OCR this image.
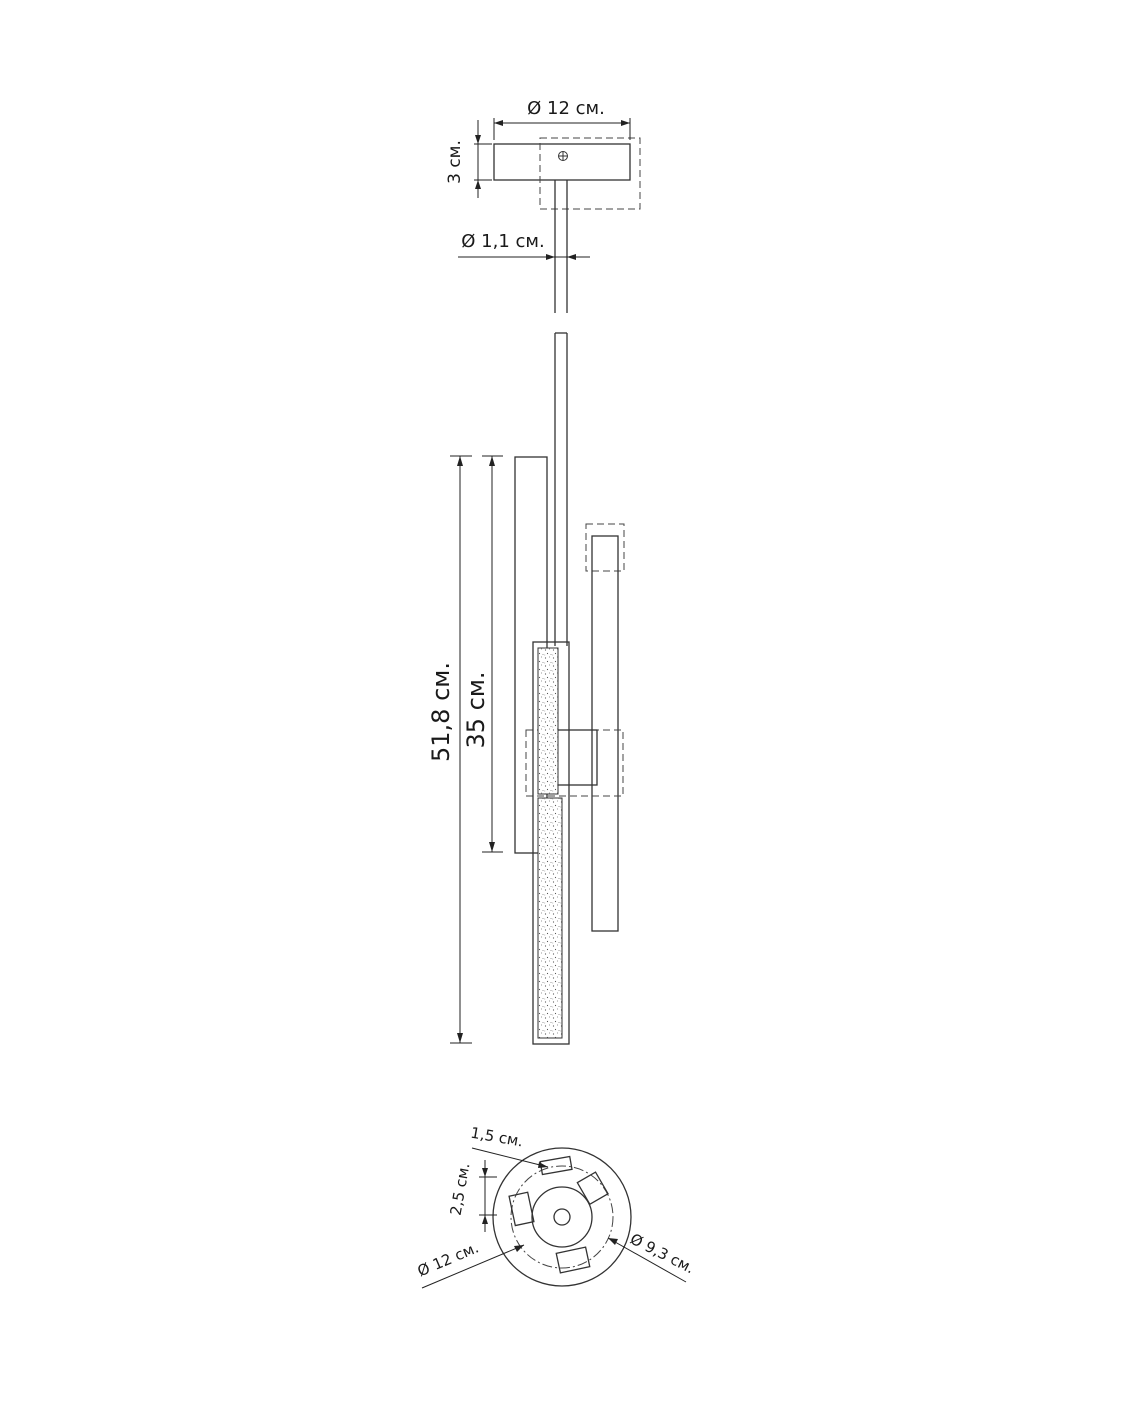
Ø 12 см.
3 см.
Ø 1,1 см.
51,8 см. 35 см.
1,5 см.
2,5 см.
Ø 12 см.	Ø 9,3 см.
